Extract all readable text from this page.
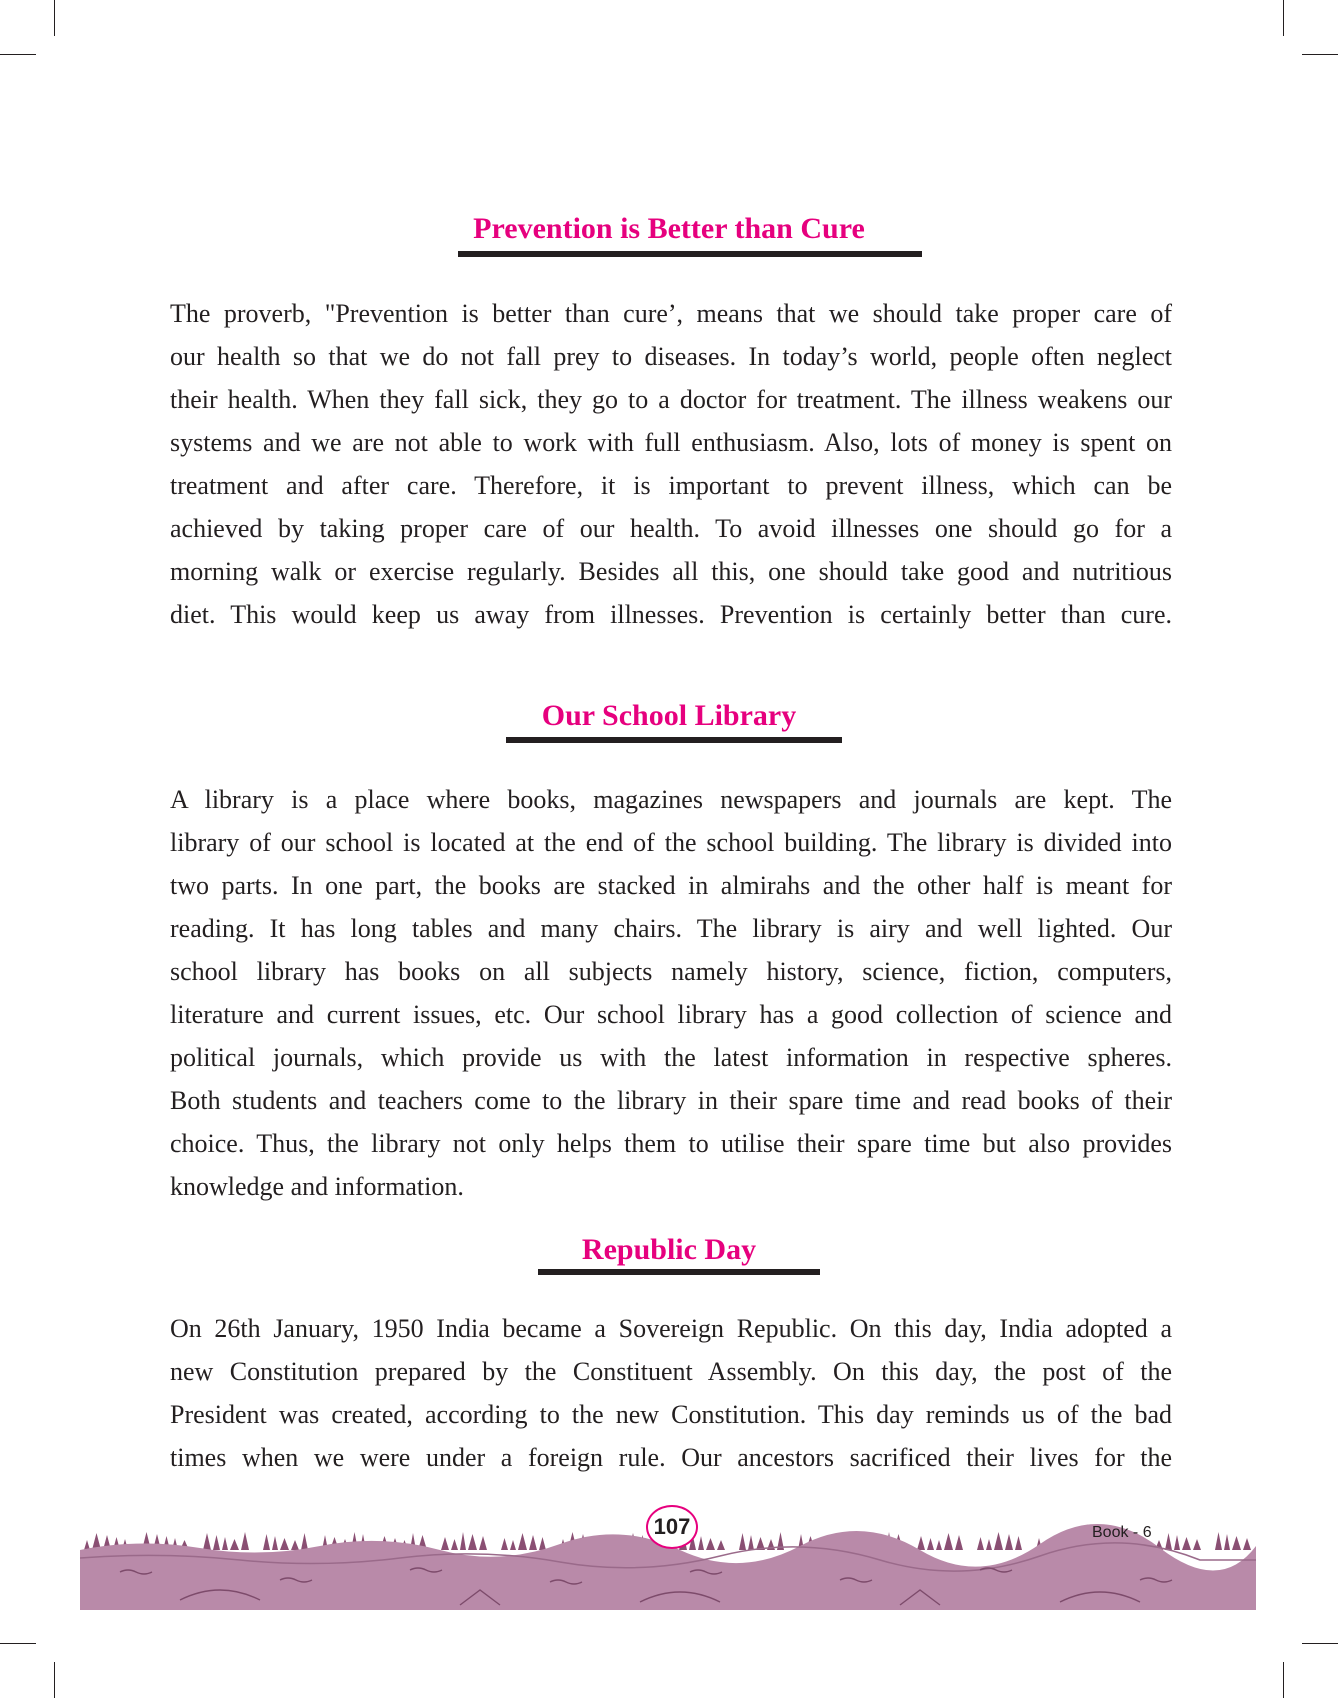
Prevention is Better than Cure

The proverb, "Prevention is better than cure’, means that we should take proper care of
our health so that we do not fall prey to diseases. In today’s world, people often neglect
their health. When they fall sick, they go to a doctor for treatment. The illness weakens our
systems and we are not able to work with full enthusiasm. Also, lots of money is spent on
treatment and after care. Therefore, it is important to prevent illness, which can be
achieved by taking proper care of our health. To avoid illnesses one should go for a
morning walk or exercise regularly. Besides all this, one should take good and nutritious
diet. This would keep us away from illnesses. Prevention is certainly better than cure.

Our School Library

A library is a place where books, magazines newspapers and journals are kept. The
library of our school is located at the end of the school building. The library is divided into
two parts. In one part, the books are stacked in almirahs and the other half is meant for
reading. It has long tables and many chairs. The library is airy and well lighted. Our
school library has books on all subjects namely history, science, fiction, computers,
literature and current issues, etc. Our school library has a good collection of science and
political journals, which provide us with the latest information in respective spheres.
Both students and teachers come to the library in their spare time and read books of their
choice. Thus, the library not only helps them to utilise their spare time but also provides
knowledge and information.

Republic Day

On 26th January, 1950 India became a Sovereign Republic. On this day, India adopted a
new Constitution prepared by the Constituent Assembly. On this day, the post of the
President was created, according to the new Constitution. This day reminds us of the bad
times when we were under a foreign rule. Our ancestors sacrificed their lives for the

107	Book - 6
